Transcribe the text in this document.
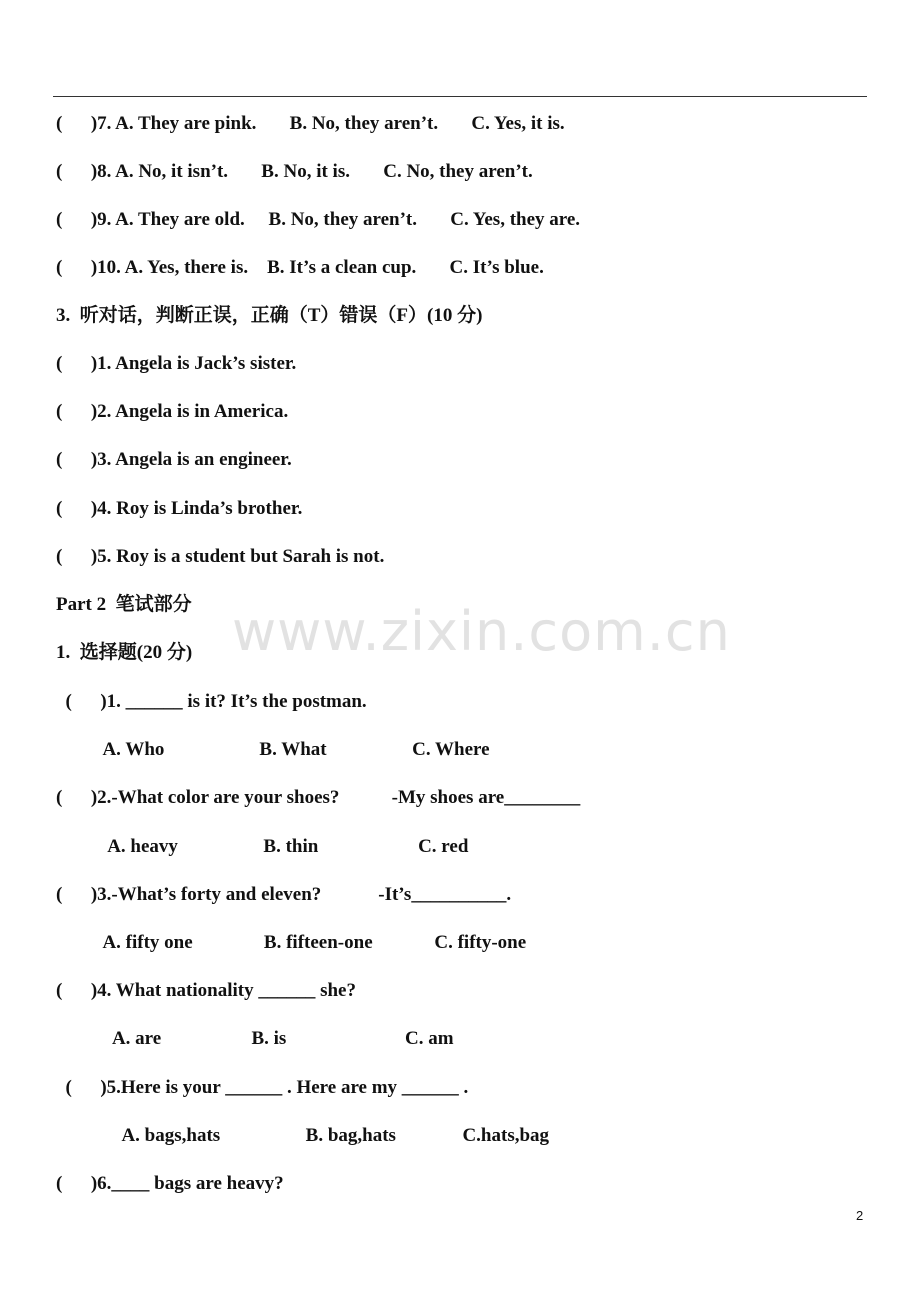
(      )7. A. They are pink.       B. No, they aren’t.       C. Yes, it is.
(      )8. A. No, it isn’t.       B. No, it is.       C. No, they aren’t.
(      )9. A. They are old.     B. No, they aren’t.       C. Yes, they are.
(      )10. A. Yes, there is.    B. It’s a clean cup.       C. It’s blue.
3.  听对话，判断正误，正确（T）错误（F）(10 分)
(      )1. Angela is Jack’s sister.
(      )2. Angela is in America.
(      )3. Angela is an engineer.
(      )4. Roy is Linda’s brother.
(      )5. Roy is a student but Sarah is not.
Part 2  笔试部分
1.  选择题(20 分)
(      )1. ______ is it? It’s the postman.
A. Who                    B. What                  C. Where
(      )2.-What color are your shoes?           -My shoes are________
A. heavy                  B. thin                     C. red
(      )3.-What’s forty and eleven?            -It’s__________.
A. fifty one               B. fifteen-one             C. fifty-one
(      )4. What nationality ______ she?
A. are                   B. is                         C. am
(      )5.Here is your ______ . Here are my ______ .
A. bags,hats                  B. bag,hats              C.hats,bag
(      )6.____ bags are heavy?
www.zixin.com.cn
2
